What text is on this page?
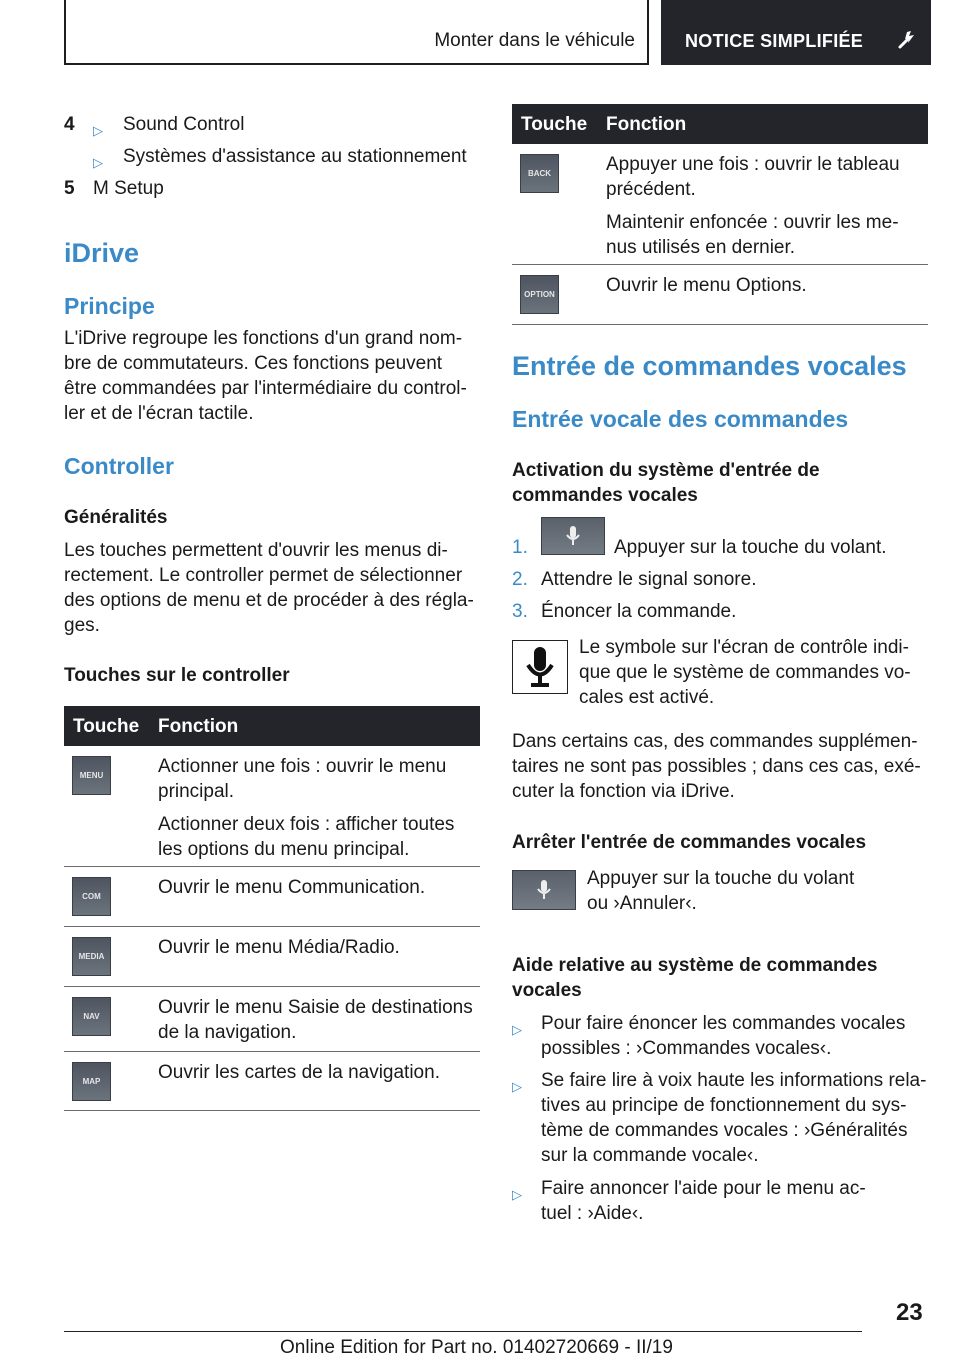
Monter dans le véhicule	NOTICE SIMPLIFIÉE
4 ▷ Sound Control
▷ Systèmes d'assistance au stationnement
5 M Setup
iDrive
Principe
L'iDrive regroupe les fonctions d'un grand nom-
bre de commutateurs. Ces fonctions peuvent
être commandées par l'intermédiaire du control-
ler et de l'écran tactile.
Controller
Généralités
Les touches permettent d'ouvrir les menus di-
rectement. Le controller permet de sélectionner
des options de menu et de procéder à des régla-
ges.
Touches sur le controller
Touche Fonction
MENU	Actionner une fois : ouvrir le menu
principal.
Actionner deux fois : afficher toutes
les options du menu principal.
COM	Ouvrir le menu Communication.
MEDIA	Ouvrir le menu Média/Radio.
NAV	Ouvrir le menu Saisie de destinations
de la navigation.
MAP	Ouvrir les cartes de la navigation.
Touche Fonction
BACK	Appuyer une fois : ouvrir le tableau
précédent.
Maintenir enfoncée : ouvrir les me-
nus utilisés en dernier.
OPTION	Ouvrir le menu Options.
Entrée de commandes vocales
Entrée vocale des commandes
Activation du système d'entrée de
commandes vocales
1.	Appuyer sur la touche du volant.
2. Attendre le signal sonore.
3. Énoncer la commande.
Le symbole sur l'écran de contrôle indi-
que que le système de commandes vo-
cales est activé.
Dans certains cas, des commandes supplémen-
taires ne sont pas possibles ; dans ces cas, exé-
cuter la fonction via iDrive.
Arrêter l'entrée de commandes vocales
Appuyer sur la touche du volant
ou ›Annuler‹.
Aide relative au système de commandes
vocales
▷ Pour faire énoncer les commandes vocales
possibles : ›Commandes vocales‹.
▷ Se faire lire à voix haute les informations rela-
tives au principe de fonctionnement du sys-
tème de commandes vocales : ›Généralités
sur la commande vocale‹.
▷ Faire annoncer l'aide pour le menu ac-
tuel : ›Aide‹.
23
Online Edition for Part no. 01402720669 - II/19
